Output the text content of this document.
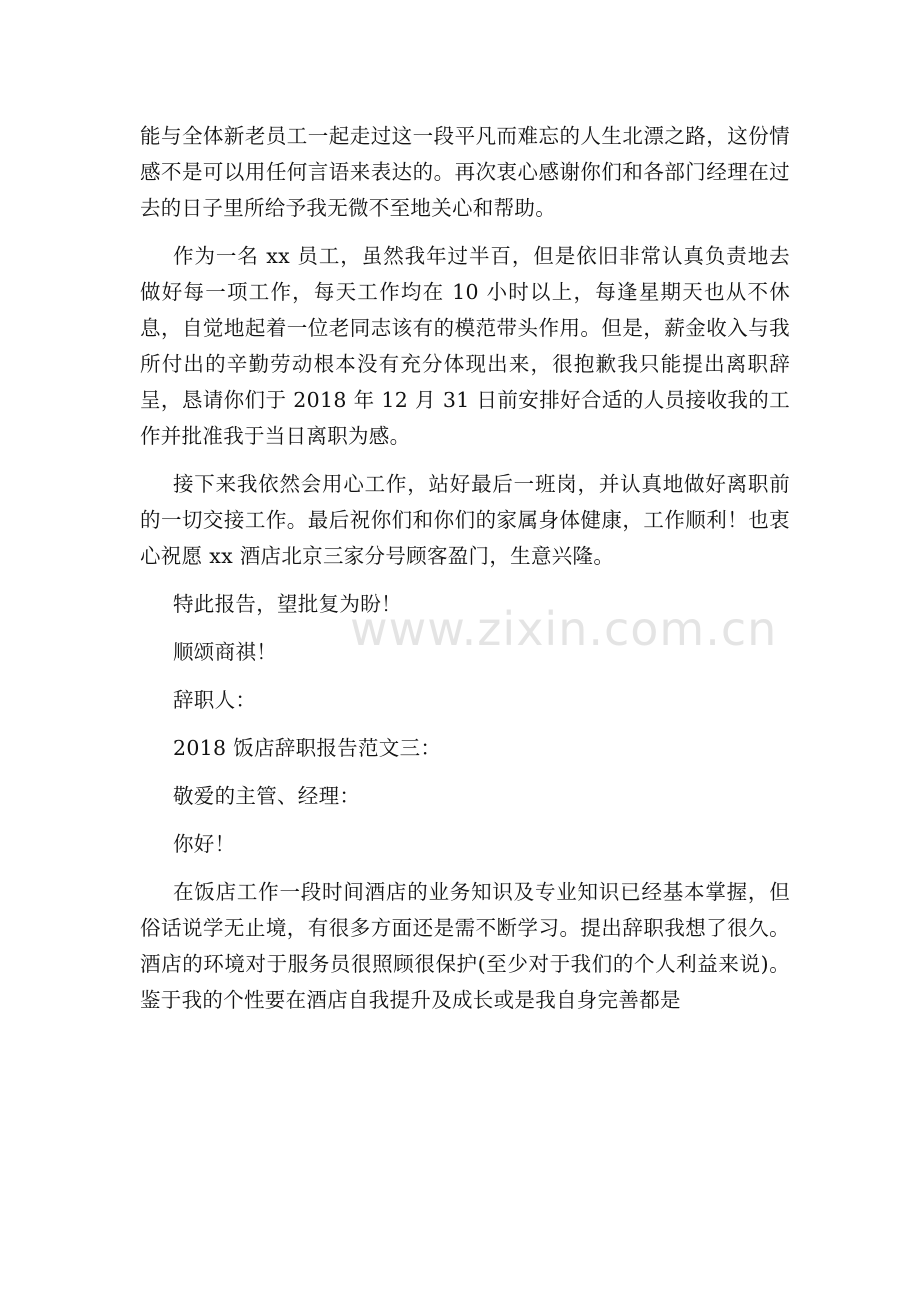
能与全体新老员工一起走过这一段平凡而难忘的人生北漂之路，这份情感不是可以用任何言语来表达的。再次衷心感谢你们和各部门经理在过去的日子里所给予我无微不至地关心和帮助。

作为一名 xx 员工，虽然我年过半百，但是依旧非常认真负责地去做好每一项工作，每天工作均在 10 小时以上，每逢星期天也从不休息，自觉地起着一位老同志该有的模范带头作用。但是，薪金收入与我所付出的辛勤劳动根本没有充分体现出来，很抱歉我只能提出离职辞呈，恳请你们于 2018 年 12 月 31 日前安排好合适的人员接收我的工作并批准我于当日离职为感。

接下来我依然会用心工作，站好最后一班岗，并认真地做好离职前的一切交接工作。最后祝你们和你们的家属身体健康，工作顺利！也衷心祝愿 xx 酒店北京三家分号顾客盈门，生意兴隆。

特此报告，望批复为盼！

顺颂商祺！

辞职人：

2018 饭店辞职报告范文三：

敬爱的主管、经理：

你好！

在饭店工作一段时间酒店的业务知识及专业知识已经基本掌握，但俗话说学无止境，有很多方面还是需不断学习。提出辞职我想了很久。酒店的环境对于服务员很照顾很保护(至少对于我们的个人利益来说)。鉴于我的个性要在酒店自我提升及成长或是我自身完善都是

www.zixin.com.cn
